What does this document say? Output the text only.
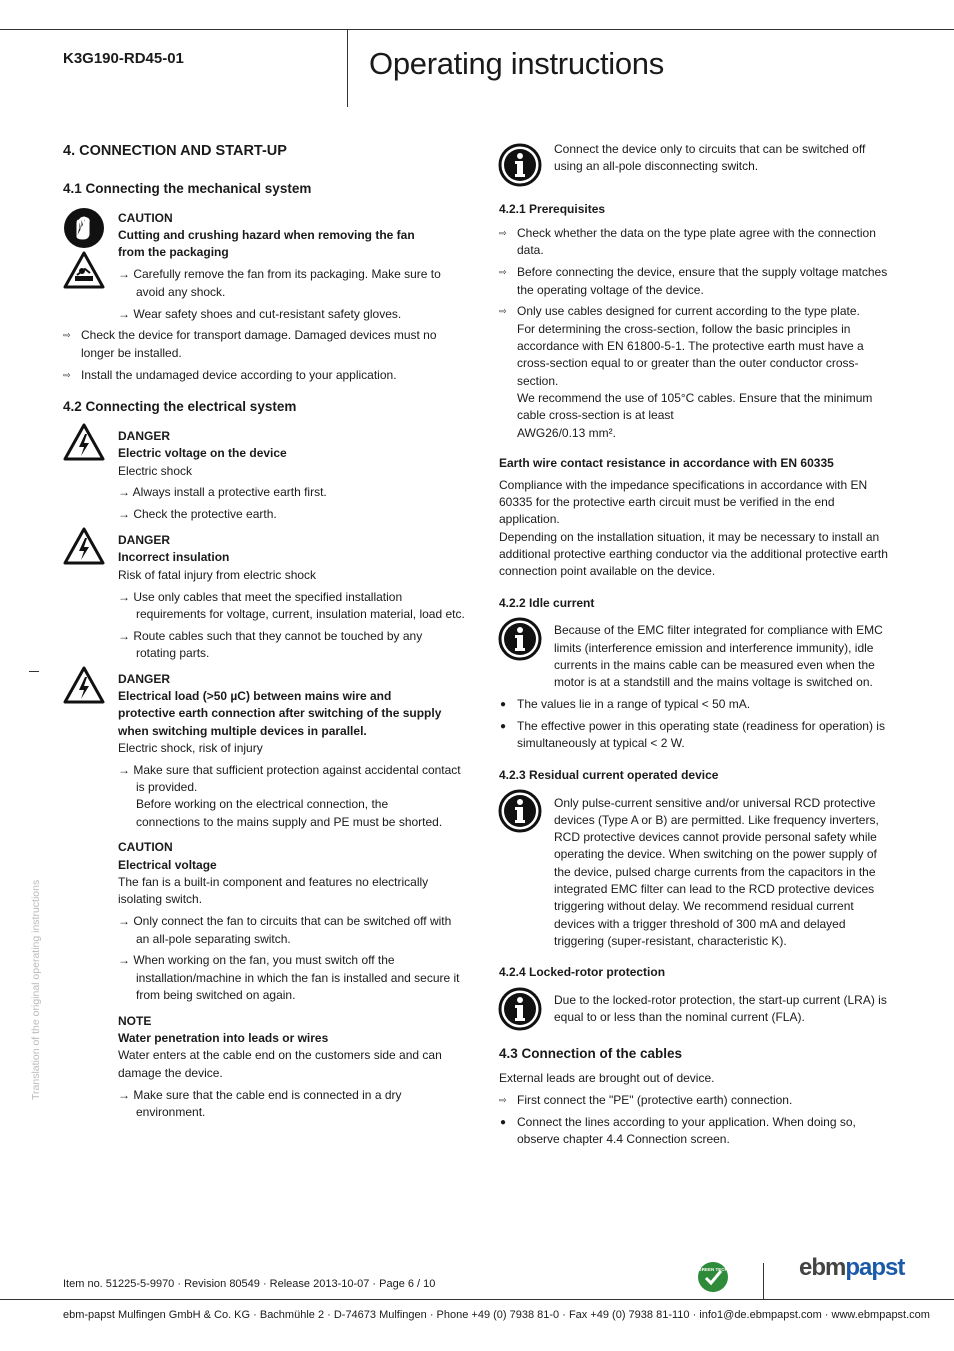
K3G190-RD45-01	Operating instructions
Translation of the original operating instructions
4. CONNECTION AND START-UP
4.1 Connecting the mechanical system
CAUTION
Cutting and crushing hazard when removing the fan
from the packaging
→ Carefully remove the fan from its packaging. Make sure to
avoid any shock.
→ Wear safety shoes and cut-resistant safety gloves.
⇨ Check the device for transport damage. Damaged devices must no
longer be installed.
⇨ Install the undamaged device according to your application.
4.2 Connecting the electrical system
DANGER
Electric voltage on the device
Electric shock
→ Always install a protective earth first.
→ Check the protective earth.
DANGER
Incorrect insulation
Risk of fatal injury from electric shock
→ Use only cables that meet the specified installation
requirements for voltage, current, insulation material, load etc.
→ Route cables such that they cannot be touched by any
rotating parts.
DANGER
Electrical load (>50 µC) between mains wire and
protective earth connection after switching of the supply
when switching multiple devices in parallel.
Electric shock, risk of injury
→ Make sure that sufficient protection against accidental contact
is provided.
Before working on the electrical connection, the
connections to the mains supply and PE must be shorted.
CAUTION
Electrical voltage
The fan is a built-in component and features no electrically
isolating switch.
→ Only connect the fan to circuits that can be switched off with
an all-pole separating switch.
→ When working on the fan, you must switch off the
installation/machine in which the fan is installed and secure it
from being switched on again.
NOTE
Water penetration into leads or wires
Water enters at the cable end on the customers side and can
damage the device.
→ Make sure that the cable end is connected in a dry
environment.
Connect the device only to circuits that can be switched off
using an all-pole disconnecting switch.
4.2.1 Prerequisites
⇨ Check whether the data on the type plate agree with the connection
data.
⇨ Before connecting the device, ensure that the supply voltage matches
the operating voltage of the device.
⇨ Only use cables designed for current according to the type plate.
For determining the cross-section, follow the basic principles in
accordance with EN 61800-5-1. The protective earth must have a
cross-section equal to or greater than the outer conductor cross-
section.
We recommend the use of 105°C cables. Ensure that the minimum
cable cross-section is at least
AWG26/0.13 mm².
Earth wire contact resistance in accordance with EN 60335
Compliance with the impedance specifications in accordance with EN
60335 for the protective earth circuit must be verified in the end
application.
Depending on the installation situation, it may be necessary to install an
additional protective earthing conductor via the additional protective earth
connection point available on the device.
4.2.2 Idle current
Because of the EMC filter integrated for compliance with EMC
limits (interference emission and interference immunity), idle
currents in the mains cable can be measured even when the
motor is at a standstill and the mains voltage is switched on.
● The values lie in a range of typical < 50 mA.
● The effective power in this operating state (readiness for operation) is
simultaneously at typical < 2 W.
4.2.3 Residual current operated device
Only pulse-current sensitive and/or universal RCD protective
devices (Type A or B) are permitted. Like frequency inverters,
RCD protective devices cannot provide personal safety while
operating the device. When switching on the power supply of
the device, pulsed charge currents from the capacitors in the
integrated EMC filter can lead to the RCD protective devices
triggering without delay. We recommend residual current
devices with a trigger threshold of 300 mA and delayed
triggering (super-resistant, characteristic K).
4.2.4 Locked-rotor protection
Due to the locked-rotor protection, the start-up current (LRA) is
equal to or less than the nominal current (FLA).
4.3 Connection of the cables
External leads are brought out of device.
⇨ First connect the "PE" (protective earth) connection.
● Connect the lines according to your application. When doing so,
observe chapter 4.4 Connection screen.
Item no. 51225-5-9970 · Revision 80549 · Release 2013-10-07 · Page 6 / 10
GREEN TECH	ebmpapst
ebm-papst Mulfingen GmbH & Co. KG · Bachmühle 2 · D-74673 Mulfingen · Phone +49 (0) 7938 81-0 · Fax +49 (0) 7938 81-110 · info1@de.ebmpapst.com · www.ebmpapst.com
